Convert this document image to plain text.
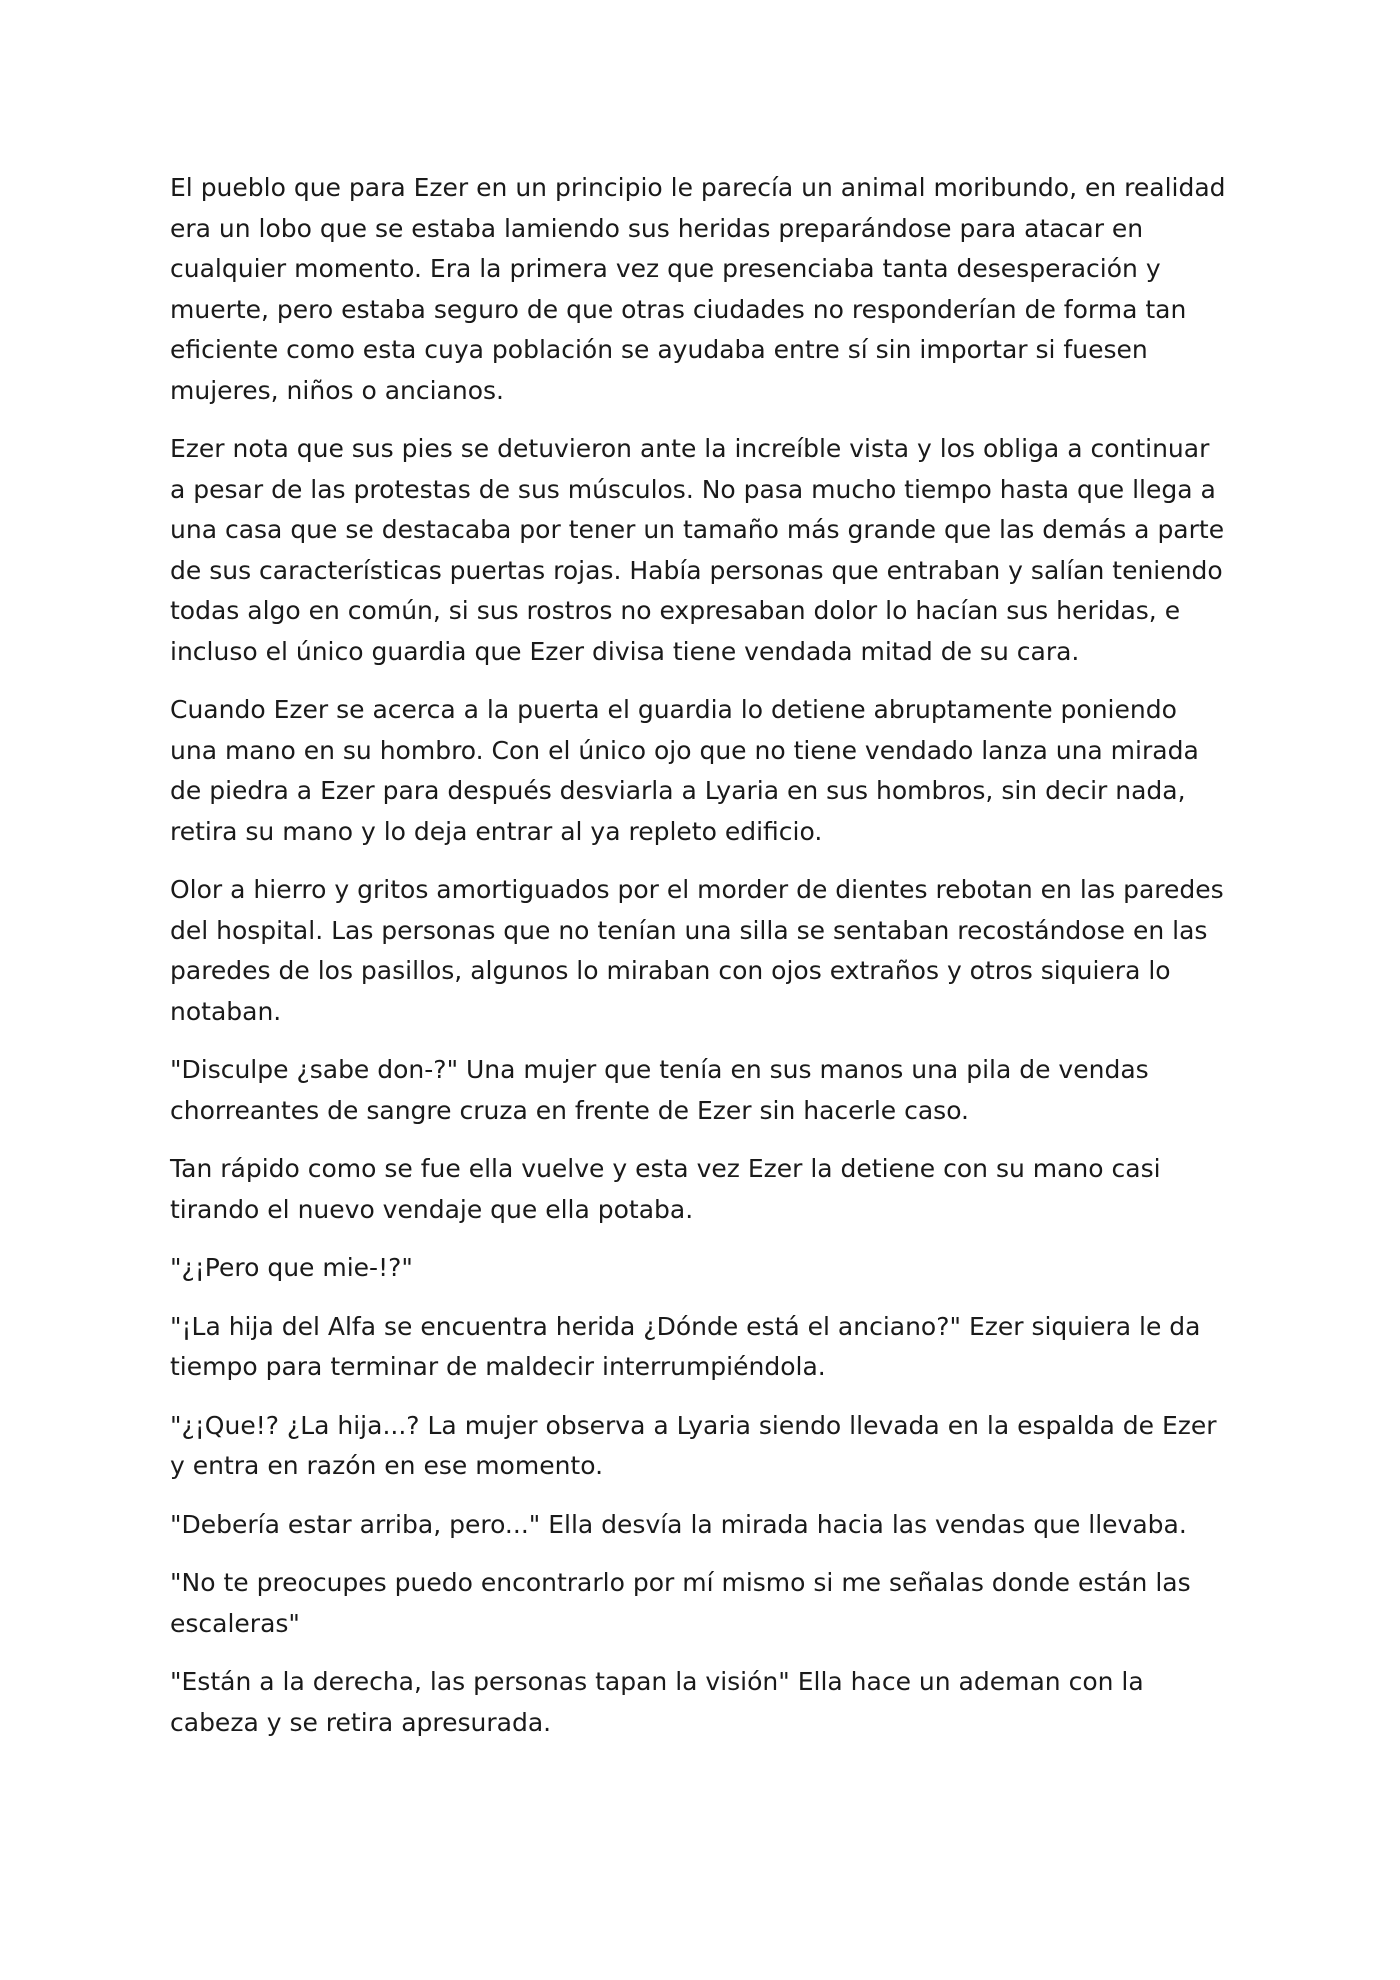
El pueblo que para Ezer en un principio le parecía un animal moribundo, en realidad era un lobo que se estaba lamiendo sus heridas preparándose para atacar en cualquier momento. Era la primera vez que presenciaba tanta desesperación y muerte, pero estaba seguro de que otras ciudades no responderían de forma tan eficiente como esta cuya población se ayudaba entre sí sin importar si fuesen mujeres, niños o ancianos.

Ezer nota que sus pies se detuvieron ante la increíble vista y los obliga a continuar a pesar de las protestas de sus músculos. No pasa mucho tiempo hasta que llega a una casa que se destacaba por tener un tamaño más grande que las demás a parte de sus características puertas rojas. Había personas que entraban y salían teniendo todas algo en común, si sus rostros no expresaban dolor lo hacían sus heridas, e incluso el único guardia que Ezer divisa tiene vendada mitad de su cara.

Cuando Ezer se acerca a la puerta el guardia lo detiene abruptamente poniendo una mano en su hombro. Con el único ojo que no tiene vendado lanza una mirada de piedra a Ezer para después desviarla a Lyaria en sus hombros, sin decir nada, retira su mano y lo deja entrar al ya repleto edificio.

Olor a hierro y gritos amortiguados por el morder de dientes rebotan en las paredes del hospital. Las personas que no tenían una silla se sentaban recostándose en las paredes de los pasillos, algunos lo miraban con ojos extraños y otros siquiera lo notaban.

"Disculpe ¿sabe don-?" Una mujer que tenía en sus manos una pila de vendas chorreantes de sangre cruza en frente de Ezer sin hacerle caso.

Tan rápido como se fue ella vuelve y esta vez Ezer la detiene con su mano casi tirando el nuevo vendaje que ella potaba.

"¿¡Pero que mie-!?"

"¡La hija del Alfa se encuentra herida ¿Dónde está el anciano?" Ezer siquiera le da tiempo para terminar de maldecir interrumpiéndola.

"¿¡Que!? ¿La hija...? La mujer observa a Lyaria siendo llevada en la espalda de Ezer y entra en razón en ese momento.

"Debería estar arriba, pero..." Ella desvía la mirada hacia las vendas que llevaba.

"No te preocupes puedo encontrarlo por mí mismo si me señalas donde están las escaleras"

"Están a la derecha, las personas tapan la visión" Ella hace un ademan con la cabeza y se retira apresurada.
